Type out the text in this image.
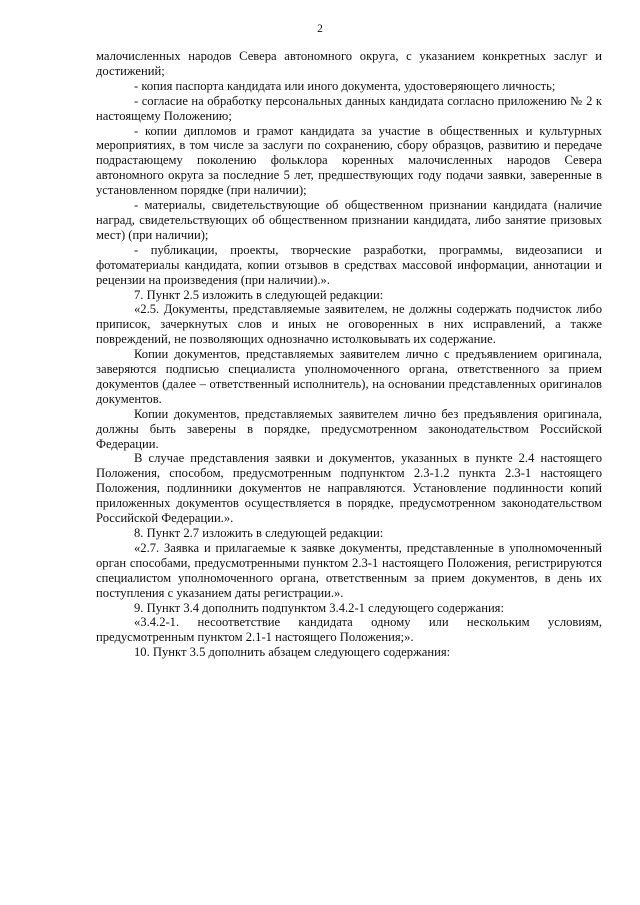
2

малочисленных народов Севера автономного округа, с указанием конкретных заслуг и достижений;

- копия паспорта кандидата или иного документа, удостоверяющего личность;

- согласие на обработку персональных данных кандидата согласно приложению № 2 к настоящему Положению;

- копии дипломов и грамот кандидата за участие в общественных и культурных мероприятиях, в том числе за заслуги по сохранению, сбору образцов, развитию и передаче подрастающему поколению фольклора коренных малочисленных народов Севера автономного округа за последние 5 лет, предшествующих году подачи заявки, заверенные в установленном порядке (при наличии);

- материалы, свидетельствующие об общественном признании кандидата (наличие наград, свидетельствующих об общественном признании кандидата, либо занятие призовых мест) (при наличии);

- публикации, проекты, творческие разработки, программы, видеозаписи и фотоматериалы кандидата, копии отзывов в средствах массовой информации, аннотации и рецензии на произведения (при наличии).».

7. Пункт 2.5 изложить в следующей редакции:

«2.5. Документы, представляемые заявителем, не должны содержать подчисток либо приписок, зачеркнутых слов и иных не оговоренных в них исправлений, а также повреждений, не позволяющих однозначно истолковывать их содержание.

Копии документов, представляемых заявителем лично с предъявлением оригинала, заверяются подписью специалиста уполномоченного органа, ответственного за прием документов (далее – ответственный исполнитель), на основании представленных оригиналов документов.

Копии документов, представляемых заявителем лично без предъявления оригинала, должны быть заверены в порядке, предусмотренном законодательством Российской Федерации.

В случае представления заявки и документов, указанных в пункте 2.4 настоящего Положения, способом, предусмотренным подпунктом 2.3-1.2 пункта 2.3-1 настоящего Положения, подлинники документов не направляются. Установление подлинности копий приложенных документов осуществляется в порядке, предусмотренном законодательством Российской Федерации.».

8. Пункт 2.7 изложить в следующей редакции:

«2.7. Заявка и прилагаемые к заявке документы, представленные в уполномоченный орган способами, предусмотренными пунктом 2.3-1 настоящего Положения, регистрируются специалистом уполномоченного органа, ответственным за прием документов, в день их поступления с указанием даты регистрации.».

9. Пункт 3.4 дополнить подпунктом 3.4.2-1 следующего содержания:

«3.4.2-1. несоответствие кандидата одному или нескольким условиям, предусмотренным пунктом 2.1-1 настоящего Положения;».

10. Пункт 3.5 дополнить абзацем следующего содержания:
